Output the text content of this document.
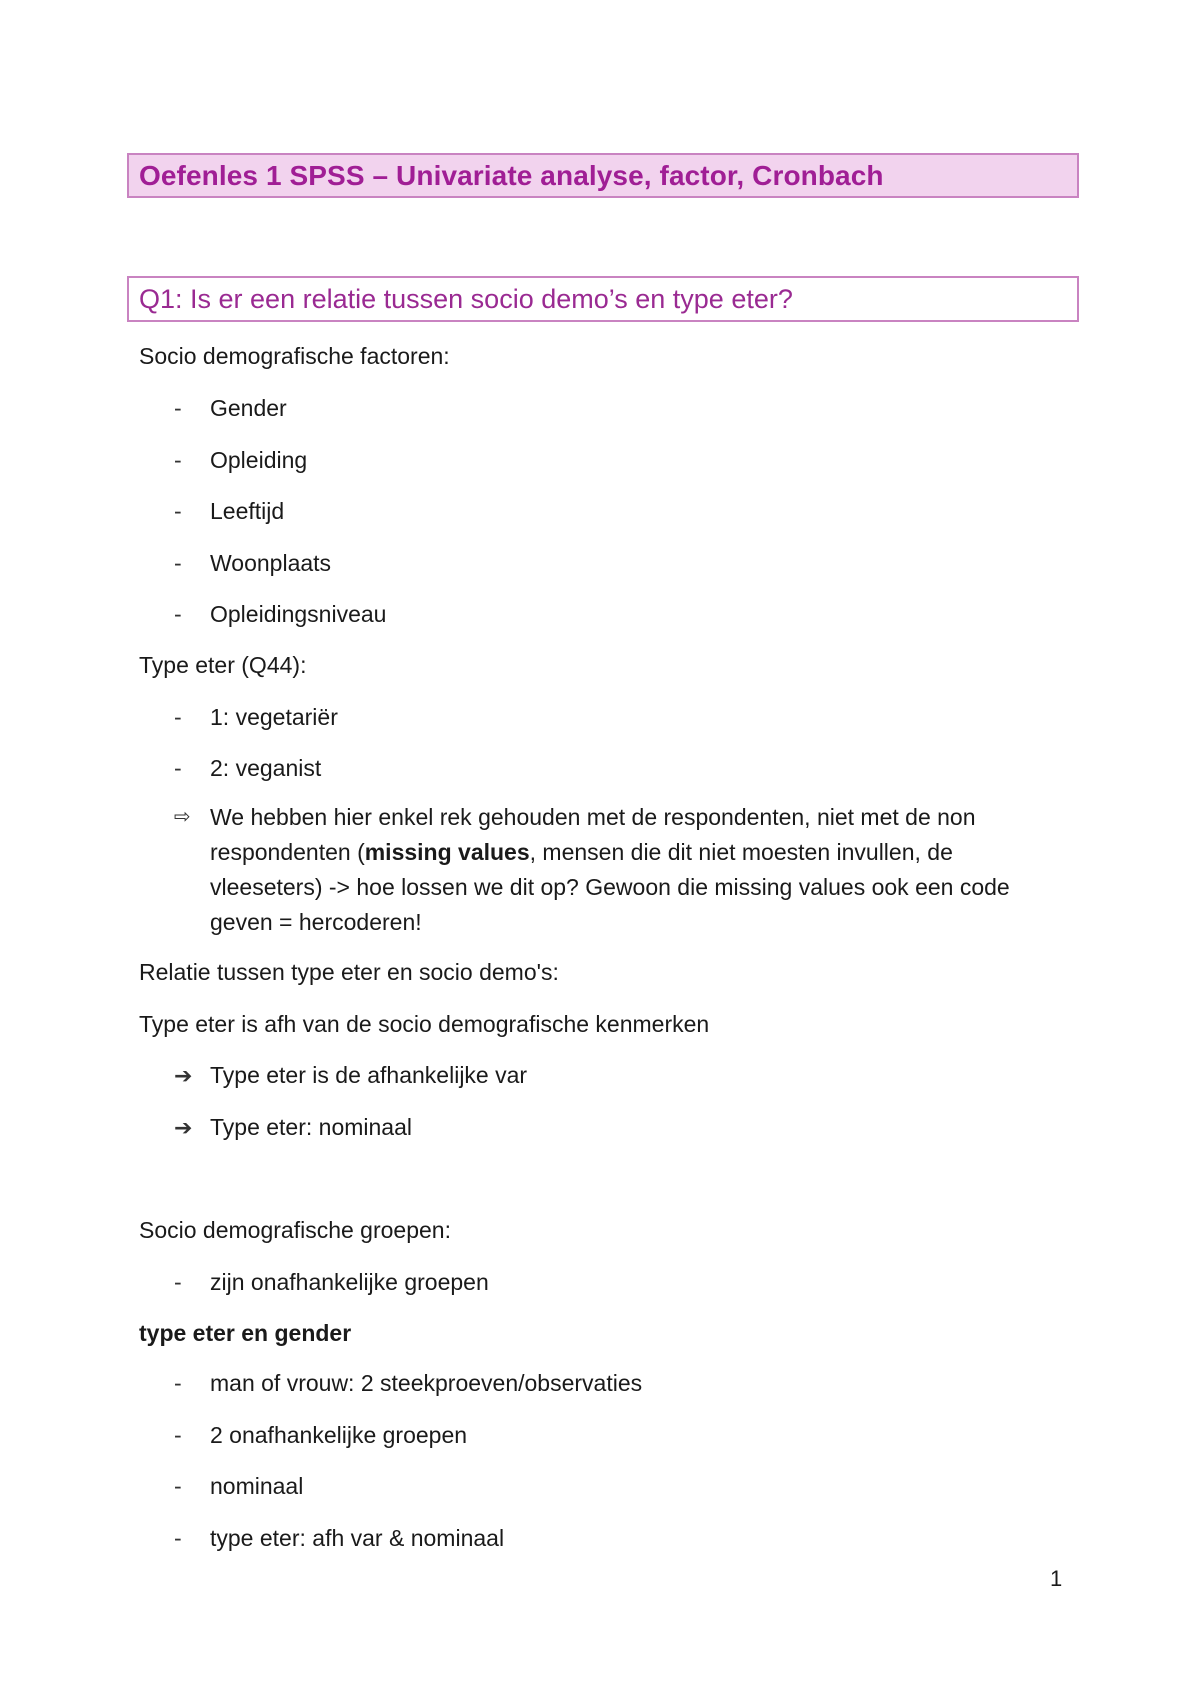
Oefenles 1 SPSS – Univariate analyse, factor, Cronbach
Q1: Is er een relatie tussen socio demo’s en type eter?
Socio demografische factoren:
- Gender
- Opleiding
- Leeftijd
- Woonplaats
- Opleidingsniveau
Type eter (Q44):
- 1: vegetariër
- 2: veganist
⇨ We hebben hier enkel rek gehouden met de respondenten, niet met de non respondenten (missing values, mensen die dit niet moesten invullen, de vleeseters) -> hoe lossen we dit op? Gewoon die missing values ook een code geven = hercoderen!
Relatie tussen type eter en socio demo's:
Type eter is afh van de socio demografische kenmerken
➔ Type eter is de afhankelijke var
➔ Type eter: nominaal
Socio demografische groepen:
- zijn onafhankelijke groepen
type eter en gender
- man of vrouw: 2 steekproeven/observaties
- 2 onafhankelijke groepen
- nominaal
- type eter: afh var & nominaal
1
